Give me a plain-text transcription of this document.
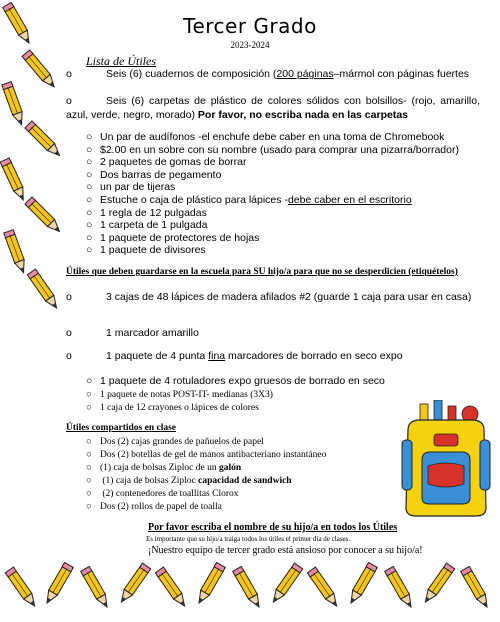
Tercer Grado
2023-2024
Lista de Útiles
o	Seis (6) cuadernos de composición (200 páginas–mármol con páginas fuertes
o	Seis (6) carpetas de plástico de colores sólidos con bolsillos- (rojo, amarillo, azul, verde, negro, morado) Por favor, no escriba nada en las carpetas
○ Un par de audífonos -el enchufe debe caber en una toma de Chromebook
○ $2.00 en un sobre con su nombre (usado para comprar una pizarra/borrador)
○ 2 paquetes de gomas de borrar
○ Dos barras de pegamento
○ un par de tijeras
○ Estuche o caja de plástico para lápices -debe caber en el escritorio
○ 1 regla de 12 pulgadas
○ 1 carpeta de 1 pulgada
○ 1 paquete de protectores de hojas
○ 1 paquete de divisores
Útiles que deben guardarse en la escuela para SU hijo/a para que no se desperdicien (etiquételos)
o	3 cajas de 48 lápices de madera afilados #2 (guarde 1 caja para usar en casa)
o	1 marcador amarillo
o	1 paquete de 4 punta fina marcadores de borrado en seco expo
○ 1 paquete de 4 rotuladores expo gruesos de borrado en seco
○ 1 paquete de notas POST-IT- medianas (3X3)
○ 1 caja de 12 crayones o lápices de colores
Útiles compartidos en clase
○ Dos (2) cajas grandes de pañuelos de papel
○ Dos (2) botellas de gel de manos antibacteriano instantáneo
○ (1) caja de bolsas Ziploc de un galón
○ (1) caja de bolsas Ziploc capacidad de sandwich
○ (2) contenedores de toallitas Clorox
○ Dos (2) rollos de papel de toalla
Por favor escriba el nombre de su hijo/a en todos los Útiles
Es importante que su hijo/a traiga todos los útiles el primer día de clases.
¡Nuestro equipo de tercer grado está ansioso por conocer a su hijo/a!
